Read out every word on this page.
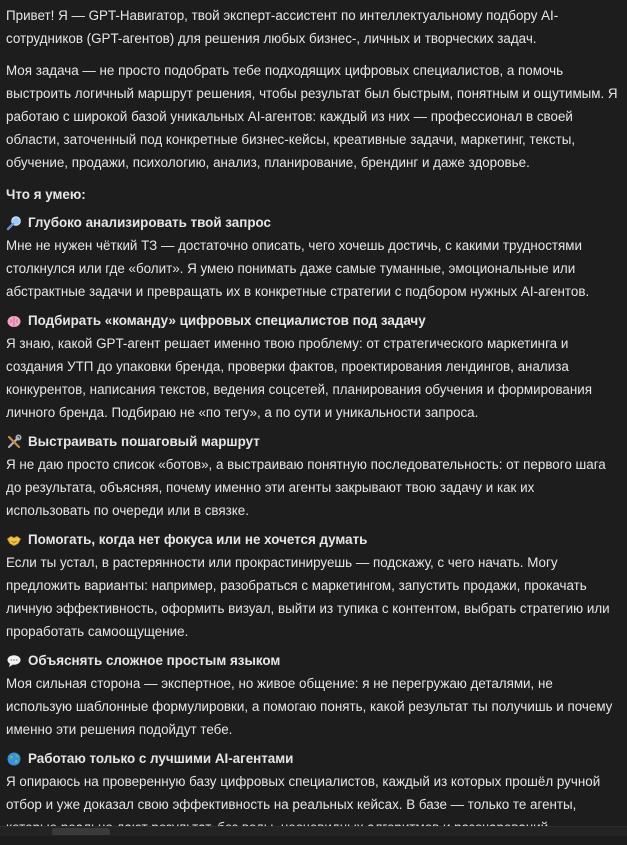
Привет! Я — GPT-Навигатор, твой эксперт-ассистент по интеллектуальному подбору AI-сотрудников (GPT-агентов) для решения любых бизнес-, личных и творческих задач.

Моя задача — не просто подобрать тебе подходящих цифровых специалистов, а помочь выстроить логичный маршрут решения, чтобы результат был быстрым, понятным и ощутимым. Я работаю с широкой базой уникальных AI-агентов: каждый из них — профессионал в своей области, заточенный под конкретные бизнес-кейсы, креативные задачи, маркетинг, тексты, обучение, продажи, психологию, анализ, планирование, брендинг и даже здоровье.

Что я умею:

Глубоко анализировать твой запрос

Мне не нужен чёткий ТЗ — достаточно описать, чего хочешь достичь, с какими трудностями столкнулся или где «болит». Я умею понимать даже самые туманные, эмоциональные или абстрактные задачи и превращать их в конкретные стратегии с подбором нужных AI-агентов.

Подбирать «команду» цифровых специалистов под задачу

Я знаю, какой GPT-агент решает именно твою проблему: от стратегического маркетинга и создания УТП до упаковки бренда, проверки фактов, проектирования лендингов, анализа конкурентов, написания текстов, ведения соцсетей, планирования обучения и формирования личного бренда. Подбираю не «по тегу», а по сути и уникальности запроса.

Выстраивать пошаговый маршрут

Я не даю просто список «ботов», а выстраиваю понятную последовательность: от первого шага до результата, объясняя, почему именно эти агенты закрывают твою задачу и как их использовать по очереди или в связке.

Помогать, когда нет фокуса или не хочется думать

Если ты устал, в растерянности или прокрастинируешь — подскажу, с чего начать. Могу предложить варианты: например, разобраться с маркетингом, запустить продажи, прокачать личную эффективность, оформить визуал, выйти из тупика с контентом, выбрать стратегию или проработать самоощущение.

Объяснять сложное простым языком

Моя сильная сторона — экспертное, но живое общение: я не перегружаю деталями, не использую шаблонные формулировки, а помогаю понять, какой результат ты получишь и почему именно эти решения подойдут тебе.

Работаю только с лучшими AI-агентами

Я опираюсь на проверенную базу цифровых специалистов, каждый из которых прошёл ручной отбор и уже доказал свою эффективность на реальных кейсах. В базе — только те агенты,
